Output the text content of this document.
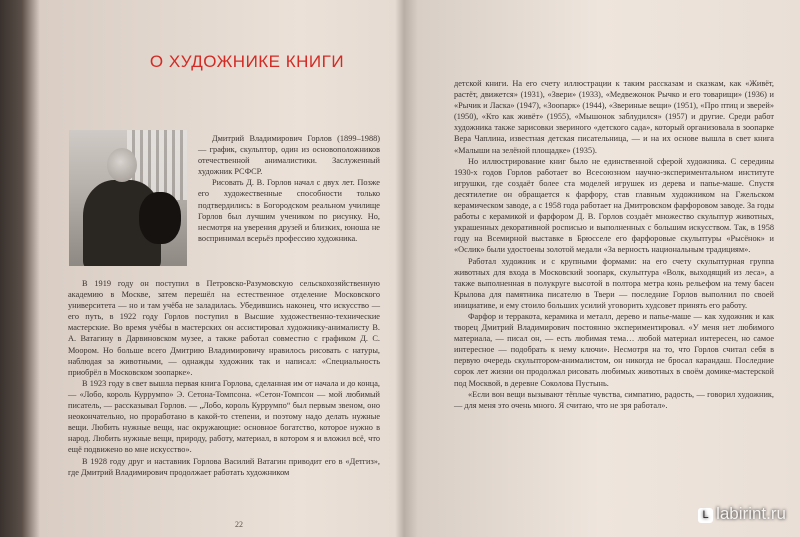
О ХУДОЖНИКЕ КНИГИ

Дмитрий Владимирович Горлов (1899–1988) — график, скульптор, один из основоположников отечественной анималистики. Заслуженный художник РСФСР.

Рисовать Д. В. Горлов начал с двух лет. Позже его художественные способности только подтвердились: в Богородском реальном училище Горлов был лучшим учеником по рисунку. Но, несмотря на уверения друзей и близких, юноша не воспринимал всерьёз профессию художника.

В 1919 году он поступил в Петровско-Разумовскую сельскохозяйственную академию в Москве, затем перешёл на естественное отделение Московского университета — но и там учёба не заладилась. Убедившись наконец, что искусство — его путь, в 1922 году Горлов поступил в Высшие художественно-технические мастерские. Во время учёбы в мастерских он ассистировал художнику-анималисту В. А. Ватагину в Дарвиновском музее, а также работал совместно с графиком Д. С. Моором. Но больше всего Дмитрию Владимировичу нравилось рисовать с натуры, наблюдая за животными, — однажды художник так и написал: «Специальность приобрёл в Московском зоопарке».

В 1923 году в свет вышла первая книга Горлова, сделанная им от начала и до конца, — «Лобо, король Куррумпо» Э. Сетона-Томпсона. «Сетон-Томпсон — мой любимый писатель, — рассказывал Горлов. — „Лобо, король Куррумпо“ был первым звеном, оно неокончательно, но проработано в какой-то степени, и поэтому надо делать нужные вещи. Любить нужные вещи, нас окружающие: основное богатство, которое нужно в народ. Любить нужные вещи, природу, работу, материал, в котором я и вложил всё, что ещё подвижено во мне искусство».

В 1928 году друг и наставник Горлова Василий Ватагин приводит его в «Детгиз», где Дмитрий Владимирович продолжает работать художником

22

детской книги. На его счету иллюстрации к таким рассказам и сказкам, как «Живёт, растёт, движется» (1931), «Звери» (1933), «Медвежонок Рычко и его товарищи» (1936) и «Рычик и Ласка» (1947), «Зоопарк» (1944), «Звериные вещи» (1951), «Про птиц и зверей» (1950), «Кто как живёт» (1955), «Мышонок заблудился» (1957) и другие. Среди работ художника также зарисовки звериного «детского сада», который организовала в зоопарке Вера Чаплина, известная детская писательница, — и на их основе вышла в свет книга «Малыши на зелёной площадке» (1935).

Но иллюстрирование книг было не единственной сферой художника. С середины 1930-х годов Горлов работает во Всесоюзном научно-экспериментальном институте игрушки, где создаёт более ста моделей игрушек из дерева и папье-маше. Спустя десятилетие он обращается к фарфору, став главным художником на Гжельском керамическом заводе, а с 1958 года работает на Дмитровском фарфоровом заводе. За годы работы с керамикой и фарфором Д. В. Горлов создаёт множество скульптур животных, украшенных декоративной росписью и выполненных с большим искусством. Так, в 1958 году на Всемирной выставке в Брюсселе его фарфоровые скульптуры «Рысёнок» и «Ослик» были удостоены золотой медали «За верность национальным традициям».

Работал художник и с крупными формами: на его счету скульптурная группа животных для входа в Московский зоопарк, скульптура «Волк, выходящий из леса», а также выполненная в полукруге высотой в полтора метра конь рельефом на тему басен Крылова для памятника писателю в Твери — последние Горлов выполнил по своей инициативе, и ему стоило больших усилий уговорить худсовет принять его работу.

Фарфор и терракота, керамика и металл, дерево и папье-маше — как художник и как творец Дмитрий Владимирович постоянно экспериментировал. «У меня нет любимого материала, — писал он, — есть любимая тема… любой материал интересен, но самое интересное — подобрать к нему ключи». Несмотря на то, что Горлов считал себя в первую очередь скульптором-анималистом, он никогда не бросал карандаш. Последние сорок лет жизни он продолжал рисовать любимых животных в своём домике-мастерской под Москвой, в деревне Соколова Пустынь.

«Если вон вещи вызывают тёплые чувства, симпатию, радость, — говорил художник, — для меня это очень много. Я считаю, что не зря работал».

L labirint.ru
